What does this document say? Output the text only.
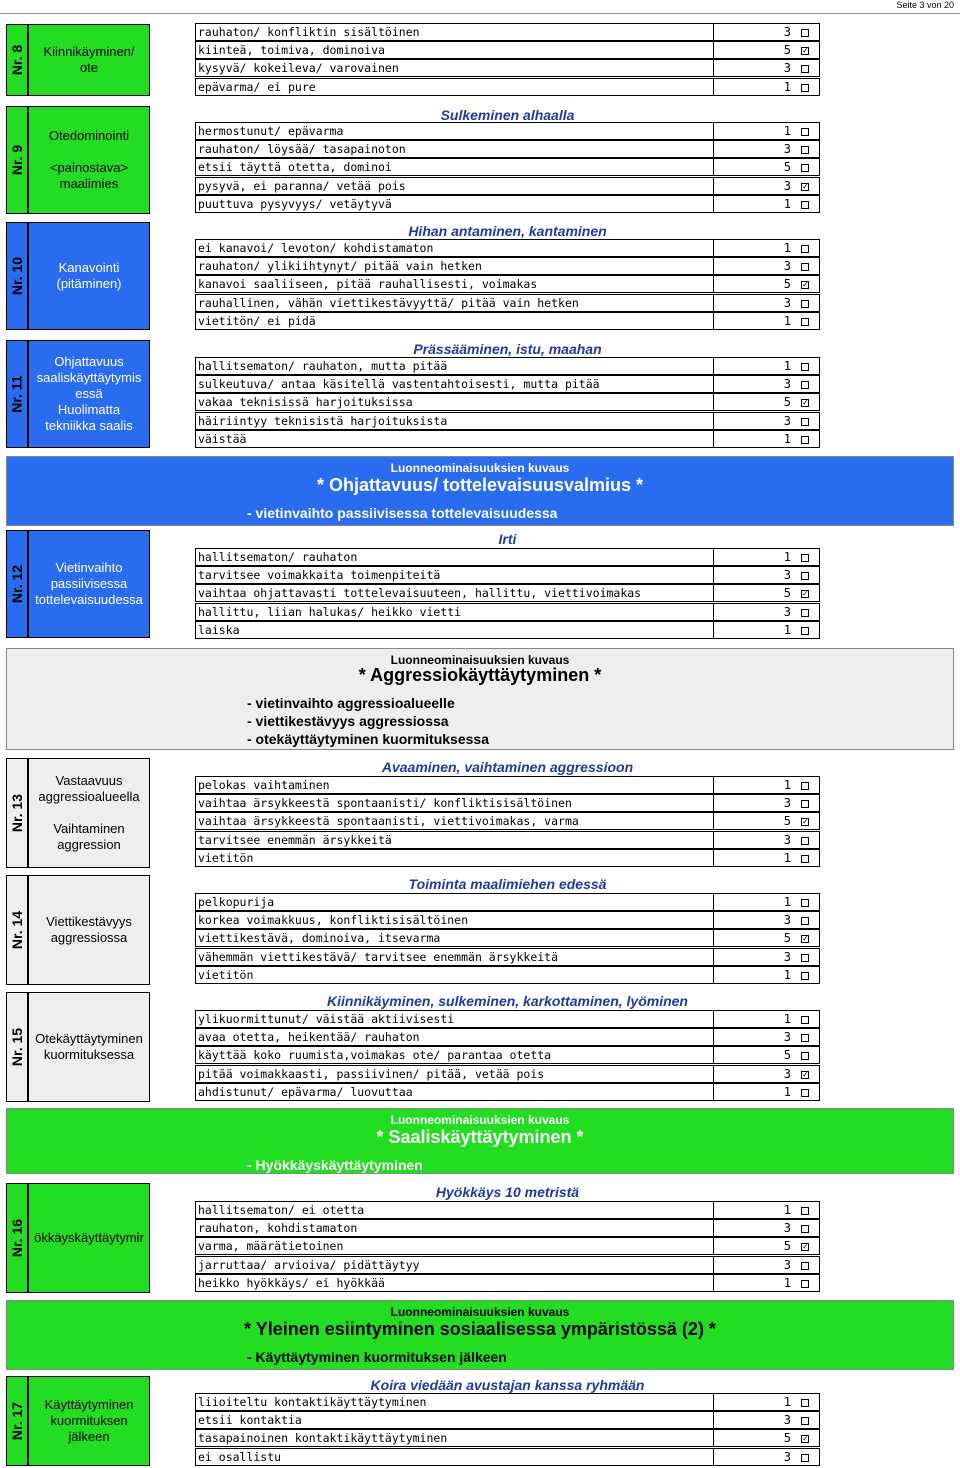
Seite 3 von 20
Nr. 8 Kiinnikäyminen/
ote
rauhaton/ konfliktin sisältöinen	3
kiinteä, toimiva, dominoiva	5 ✓
kysyvä/ kokeileva/ varovainen	3
epävarma/ ei pure	1
Nr. 9
Otedominointi

<painostava>
maalimies
Sulkeminen alhaalla
hermostunut/ epävarma	1
rauhaton/ löysää/ tasapainoton	3
etsii täyttä otetta, dominoi	5
pysyvä, ei paranna/ vetää pois	3 ✓
puuttuva pysyvyys/ vetäytyvä	1
Nr. 10	Kanavointi
(pitäminen)
Hihan antaminen, kantaminen
ei kanavoi/ levoton/ kohdistamaton	1
rauhaton/ ylikiihtynyt/ pitää vain hetken	3
kanavoi saaliiseen, pitää rauhallisesti, voimakas	5 ✓
rauhallinen, vähän viettikestävyyttä/ pitää vain hetken	3
vietitön/ ei pidä	1
Nr. 11
Ohjattavuus
saaliskäyttäytymis
essä
Huolimatta
tekniikka saalis
Prässääminen, istu, maahan
hallitsematon/ rauhaton, mutta pitää	1
sulkeutuva/ antaa käsitellä vastentahtoisesti, mutta pitää	3
vakaa teknisissä harjoituksissa	5 ✓
häiriintyy teknisistä harjoituksista	3
väistää	1
Nr. 12 Vietinvaihto
passiivisessa
tottelevaisuudessa
Irti
hallitsematon/ rauhaton	1
tarvitsee voimakkaita toimenpiteitä	3
vaihtaa ohjattavasti tottelevaisuuteen, hallittu, viettivoimakas	5 ✓
hallittu, liian halukas/ heikko vietti	3
laiska	1
Nr. 13
Vastaavuus
aggressioalueella

Vaihtaminen
aggression
Avaaminen, vaihtaminen aggressioon
pelokas vaihtaminen	1
vaihtaa ärsykkeestä spontaanisti/ konfliktisisältöinen	3
vaihtaa ärsykkeestä spontaanisti, viettivoimakas, varma	5 ✓
tarvitsee enemmän ärsykkeitä	3
vietitön	1
Nr. 14 Viettikestävyys
aggressiossa
Toiminta maalimiehen edessä
pelkopurija	1
korkea voimakkuus, konfliktisisältöinen	3
viettikestävä, dominoiva, itsevarma	5 ✓
vähemmän viettikestävä/ tarvitsee enemmän ärsykkeitä	3
vietitön	1
Nr. 15 Otekäyttäytyminen
kuormituksessa
Kiinnikäyminen, sulkeminen, karkottaminen, lyöminen
ylikuormittunut/ väistää aktiivisesti	1
avaa otetta, heikentää/ rauhaton	3
käyttää koko ruumista,voimakas ote/ parantaa otetta	5
pitää voimakkaasti, passiivinen/ pitää, vetää pois	3 ✓
ahdistunut/ epävarma/ luovuttaa	1
Nr. 16 ökkäyskäyttäytymir
Hyökkäys 10 metristä
hallitsematon/ ei otetta	1
rauhaton, kohdistamaton	3
varma, määrätietoinen	5 ✓
jarruttaa/ arvioiva/ pidättäytyy	3
heikko hyökkäys/ ei hyökkää	1
Nr. 17 Käyttäytyminen
kuormituksen
jälkeen
Koira viedään avustajan kanssa ryhmään
liioiteltu kontaktikäyttäytyminen	1
etsii kontaktia	3
tasapainoinen kontaktikäyttäytyminen	5 ✓
ei osallistu	3
Luonneominaisuuksien kuvaus
* Ohjattavuus/ tottelevaisuusvalmius *
- vietinvaihto passiivisessa tottelevaisuudessa
Luonneominaisuuksien kuvaus
* Aggressiokäyttäytyminen *
- vietinvaihto aggressioalueelle
- viettikestävyys aggressiossa
- otekäyttäytyminen kuormituksessa
Luonneominaisuuksien kuvaus
* Saaliskäyttäytyminen *
- Hyökkäyskäyttäytyminen
Luonneominaisuuksien kuvaus
* Yleinen esiintyminen sosiaalisessa ympäristössä (2) *
- Käyttäytyminen kuormituksen jälkeen
